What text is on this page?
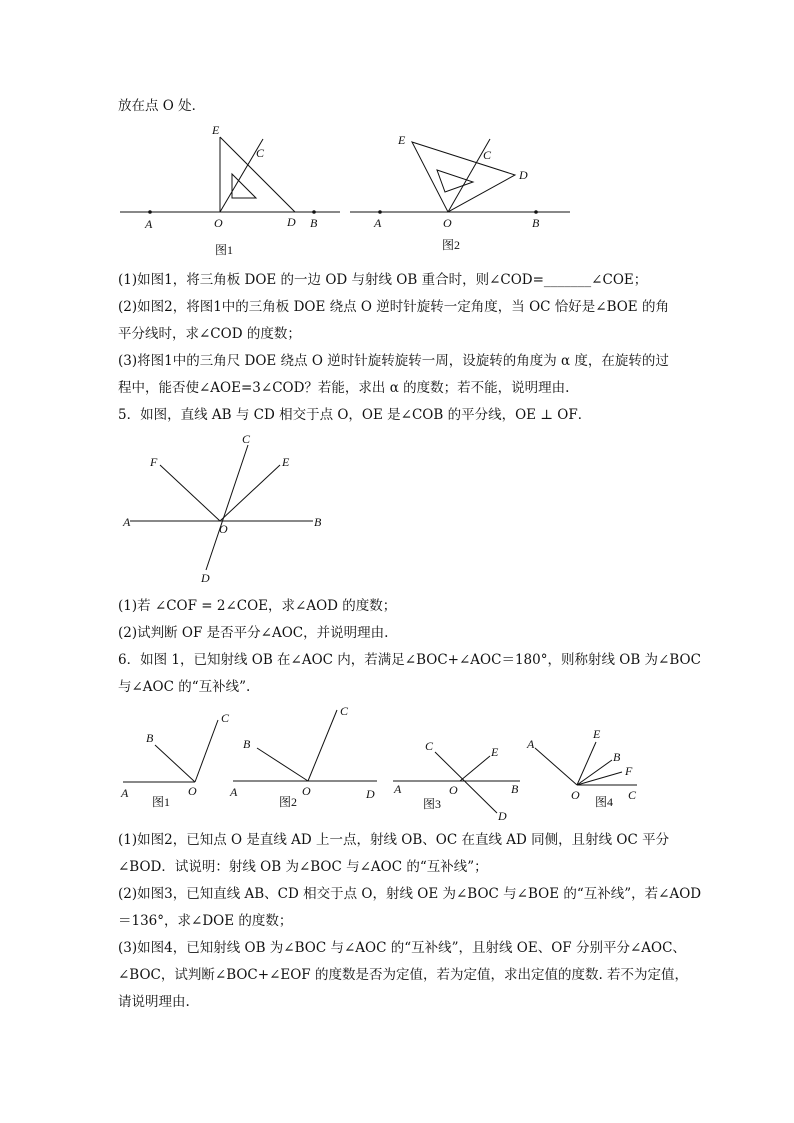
放在点 O 处．
E
C
O	D
A	B
图1
E
C
D
A	O	B
图2
(1)如图1，将三角板 DOE 的一边 OD 与射线 OB 重合时，则∠COD=_______∠COE；
(2)如图2，将图1中的三角板 DOE 绕点 O 逆时针旋转一定角度，当 OC 恰好是∠BOE 的角
平分线时，求∠COD 的度数；
(3)将图1中的三角尺 DOE 绕点 O 逆时针旋转旋转一周，设旋转的角度为 α 度，在旋转的过
程中，能否使∠AOE=3∠COD？若能，求出 α 的度数；若不能，说明理由.
5．如图，直线 AB 与 CD 相交于点 O，OE 是∠COB 的平分线，OE ⊥ OF．
C
F	E
A	O	B
D
(1)若 ∠COF = 2∠COE，求∠AOD 的度数；
(2)试判断 OF 是否平分∠AOC，并说明理由.
6．如图 1，已知射线 OB 在∠AOC 内，若满足∠BOC+∠AOC＝180°，则称射线 OB 为∠BOC
与∠AOC 的“互补线”.
C
B
A	O
图1
C
B
A	O	D
图2
C	E
A	O	B
D
图3
A
E
B
F
O	C
图4
(1)如图2，已知点 O 是直线 AD 上一点，射线 OB、OC 在直线 AD 同侧，且射线 OC 平分
∠BOD．试说明：射线 OB 为∠BOC 与∠AOC 的“互补线”；
(2)如图3，已知直线 AB、CD 相交于点 O，射线 OE 为∠BOC 与∠BOE 的“互补线”，若∠AOD
＝136°，求∠DOE 的度数；
(3)如图4，已知射线 OB 为∠BOC 与∠AOC 的“互补线”，且射线 OE、OF 分别平分∠AOC、
∠BOC，试判断∠BOC+∠EOF 的度数是否为定值，若为定值，求出定值的度数. 若不为定值，
请说明理由.
